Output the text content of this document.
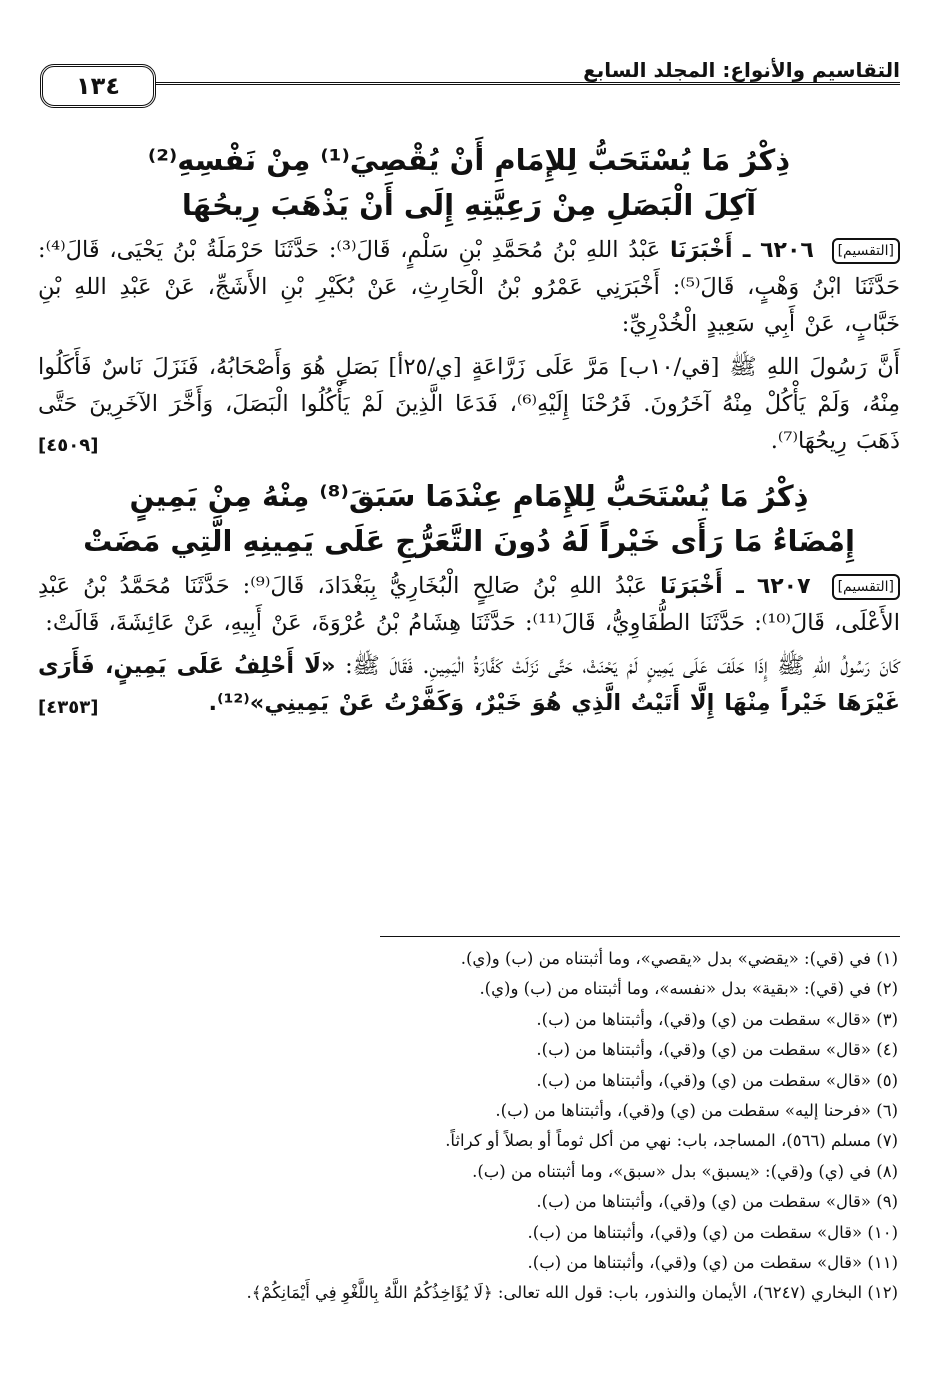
١٣٤
التقاسيم والأنواع: المجلد السابع
ذِكْرُ مَا يُسْتَحَبُّ لِلإِمَامِ أَنْ يُقْصِيَ⁽¹⁾ مِنْ نَفْسِهِ⁽²⁾
آكِلَ الْبَصَلِ مِنْ رَعِيَّتِهِ إِلَى أَنْ يَذْهَبَ رِيحُهَا

[التقسيم] ٦٢٠٦ ـ أَخْبَرَنَا عَبْدُ اللهِ بْنُ مُحَمَّدِ بْنِ سَلْمٍ، قَالَ⁽³⁾: حَدَّثَنَا حَرْمَلَةُ بْنُ يَحْيَى، قَالَ⁽⁴⁾: حَدَّثَنَا ابْنُ وَهْبٍ، قَالَ⁽⁵⁾: أَخْبَرَنِي عَمْرُو بْنُ الْحَارِثِ، عَنْ بُكَيْرِ بْنِ الأَشَجِّ، عَنْ عَبْدِ اللهِ بْنِ خَبَّابٍ، عَنْ أَبِي سَعِيدٍ الْخُدْرِيِّ:

أَنَّ رَسُولَ اللهِ ﷺ [قي/١٠ب] مَرَّ عَلَى زَرَّاعَةٍ [ي/٢٥أ] بَصَلٍ هُوَ وَأَصْحَابُهُ، فَنَزَلَ نَاسٌ فَأَكَلُوا مِنْهُ، وَلَمْ يَأْكُلْ مِنْهُ آخَرُونَ. فَرُحْنَا إِلَيْهِ⁽⁶⁾، فَدَعَا الَّذِينَ لَمْ يَأْكُلُوا الْبَصَلَ، وَأَخَّرَ الآخَرِينَ حَتَّى ذَهَبَ رِيحُهَا⁽⁷⁾.
[٤٥٠٩]

ذِكْرُ مَا يُسْتَحَبُّ لِلإِمَامِ عِنْدَمَا سَبَقَ⁽⁸⁾ مِنْهُ مِنْ يَمِينٍ
إِمْضَاءُ مَا رَأَى خَيْراً لَهُ دُونَ التَّعَرُّجِ عَلَى يَمِينِهِ الَّتِي مَضَتْ

[التقسيم] ٦٢٠٧ ـ أَخْبَرَنَا عَبْدُ اللهِ بْنُ صَالِحٍ الْبُخَارِيُّ بِبَغْدَادَ، قَالَ⁽⁹⁾: حَدَّثَنَا مُحَمَّدُ بْنُ عَبْدِ الأَعْلَى، قَالَ⁽¹⁰⁾: حَدَّثَنَا الطُّفَاوِيُّ، قَالَ⁽¹¹⁾: حَدَّثَنَا هِشَامُ بْنُ عُرْوَةَ، عَنْ أَبِيهِ، عَنْ عَائِشَةَ، قَالَتْ:

كَانَ رَسُولُ اللهِ ﷺ إِذَا حَلَفَ عَلَى يَمِينٍ لَمْ يَحْنَثْ، حَتَّى نَزَلَتْ كَفَّارَةُ الْيَمِينِ. فَقَالَ ﷺ: «لَا أَحْلِفُ عَلَى يَمِينٍ، فَأَرَى غَيْرَهَا خَيْراً مِنْهَا إِلَّا أَتَيْتُ الَّذِي هُوَ خَيْرٌ، وَكَفَّرْتُ عَنْ يَمِينِي»⁽¹²⁾.
[٤٣٥٣]

(١) في (قي): «يقضي» بدل «يقصي»، وما أثبتناه من (ب) و(ي).
(٢) في (قي): «بقية» بدل «نفسه»، وما أثبتناه من (ب) و(ي).
(٣) «قال» سقطت من (ي) و(قي)، وأثبتناها من (ب).
(٤) «قال» سقطت من (ي) و(قي)، وأثبتناها من (ب).
(٥) «قال» سقطت من (ي) و(قي)، وأثبتناها من (ب).
(٦) «فرحنا إليه» سقطت من (ي) و(قي)، وأثبتناها من (ب).
(٧) مسلم (٥٦٦)، المساجد، باب: نهي من أكل ثوماً أو بصلاً أو كراثاً.
(٨) في (ي) و(قي): «يسبق» بدل «سبق»، وما أثبتناه من (ب).
(٩) «قال» سقطت من (ي) و(قي)، وأثبتناها من (ب).
(١٠) «قال» سقطت من (ي) و(قي)، وأثبتناها من (ب).
(١١) «قال» سقطت من (ي) و(قي)، وأثبتناها من (ب).
(١٢) البخاري (٦٢٤٧)، الأيمان والنذور، باب: قول الله تعالى: ﴿لَا يُؤَاخِذُكُمُ اللَّهُ بِاللَّغْوِ فِي أَيْمَانِكُمْ﴾.
